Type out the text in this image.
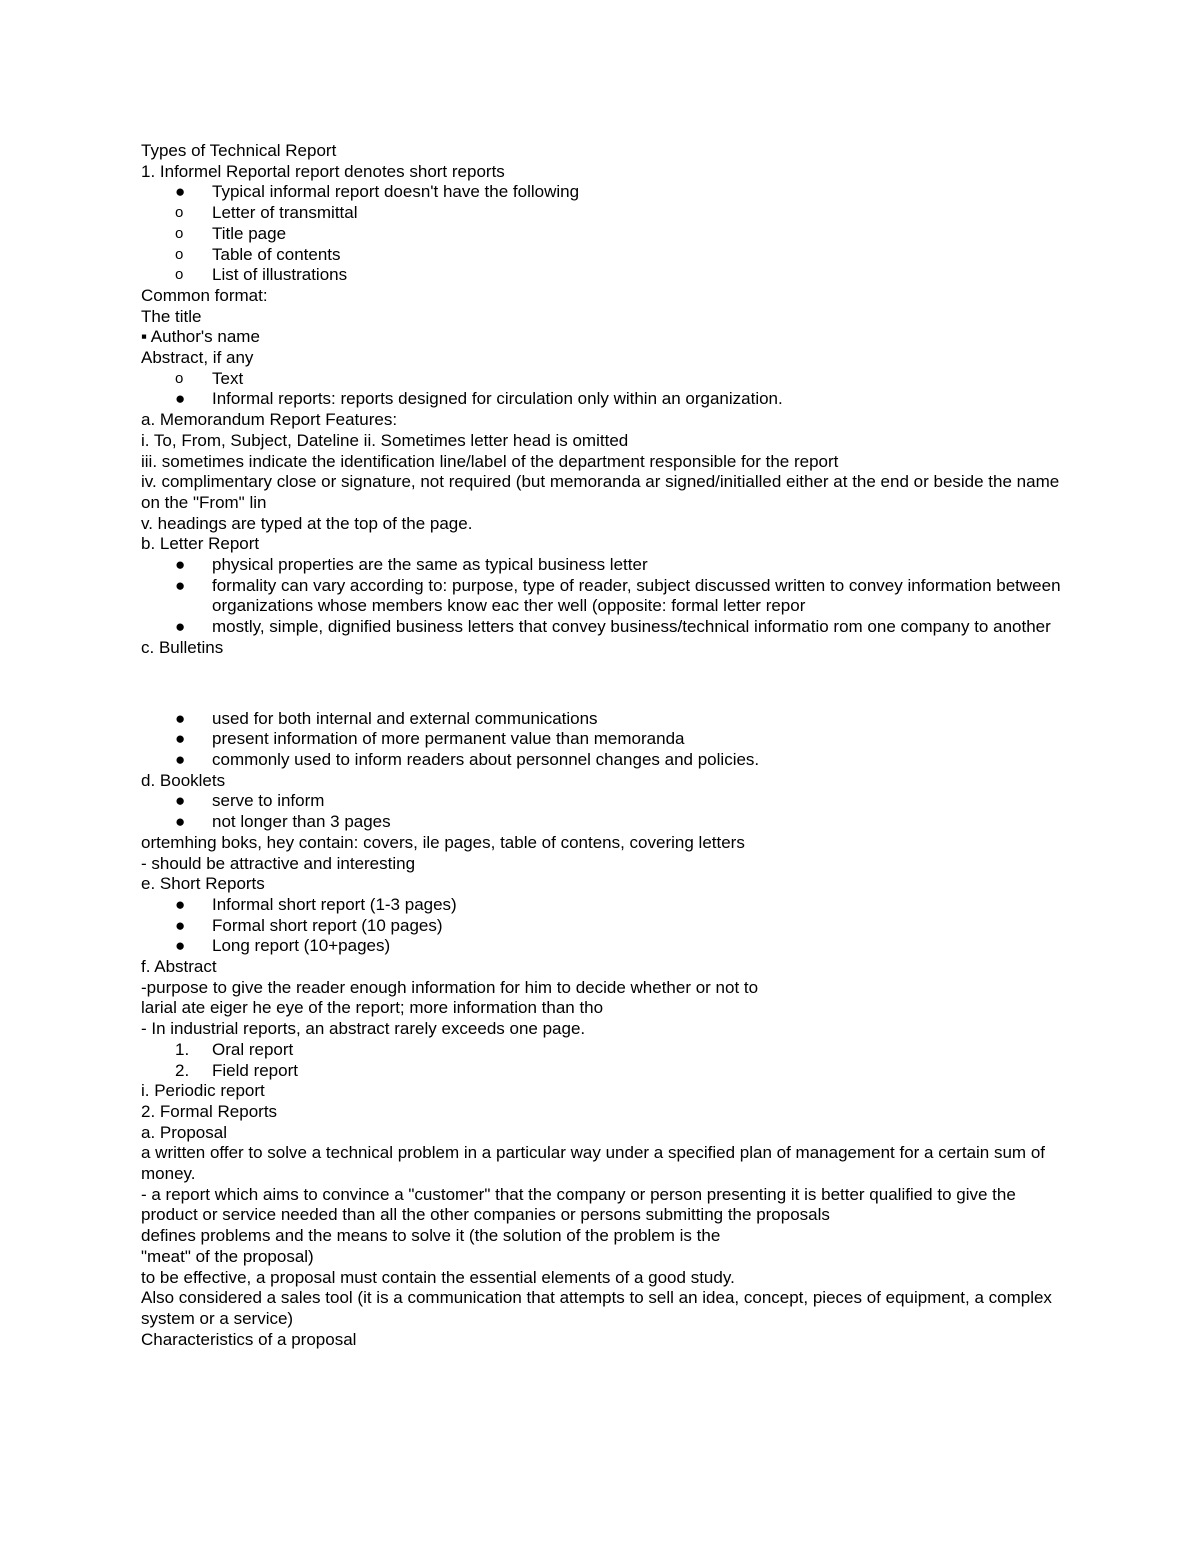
Types of Technical Report
1. Informel Reportal report denotes short reports
●	Typical informal report doesn't have the following
o	Letter of transmittal
o	Title page
o	Table of contents
o	List of illustrations
Common format:
The title
▪ Author's name
Abstract, if any
o	Text
●	Informal reports: reports designed for circulation only within an organization.
a. Memorandum Report Features:
i. To, From, Subject, Dateline ii. Sometimes letter head is omitted
iii. sometimes indicate the identification line/label of the department responsible for the report
iv. complimentary close or signature, not required (but memoranda ar signed/initialled either at the end or beside the name on the "From" lin
v. headings are typed at the top of the page.
b. Letter Report
●	physical properties are the same as typical business letter
●	formality can vary according to: purpose, type of reader, subject discussed written to convey information between organizations whose members know eac ther well (opposite: formal letter repor
●	mostly, simple, dignified business letters that convey business/technical informatio rom one company to another
c. Bulletins
●	used for both internal and external communications
●	present information of more permanent value than memoranda
●	commonly used to inform readers about personnel changes and policies.
d. Booklets
●	serve to inform
●	not longer than 3 pages
ortemhing boks, hey contain: covers, ile pages, table of contens, covering letters
- should be attractive and interesting
e. Short Reports
●	Informal short report (1-3 pages)
●	Formal short report (10 pages)
●	Long report (10+pages)
f. Abstract
-purpose to give the reader enough information for him to decide whether or not to
larial ate eiger he eye of the report; more information than tho
- In industrial reports, an abstract rarely exceeds one page.
1.	Oral report
2.	Field report
i. Periodic report
2. Formal Reports
a. Proposal
a written offer to solve a technical problem in a particular way under a specified plan of management for a certain sum of money.
- a report which aims to convince a "customer" that the company or person presenting it is better qualified to give the product or service needed than all the other companies or persons submitting the proposals
defines problems and the means to solve it (the solution of the problem is the
"meat" of the proposal)
to be effective, a proposal must contain the essential elements of a good study.
Also considered a sales tool (it is a communication that attempts to sell an idea, concept, pieces of equipment, a complex system or a service)
Characteristics of a proposal
